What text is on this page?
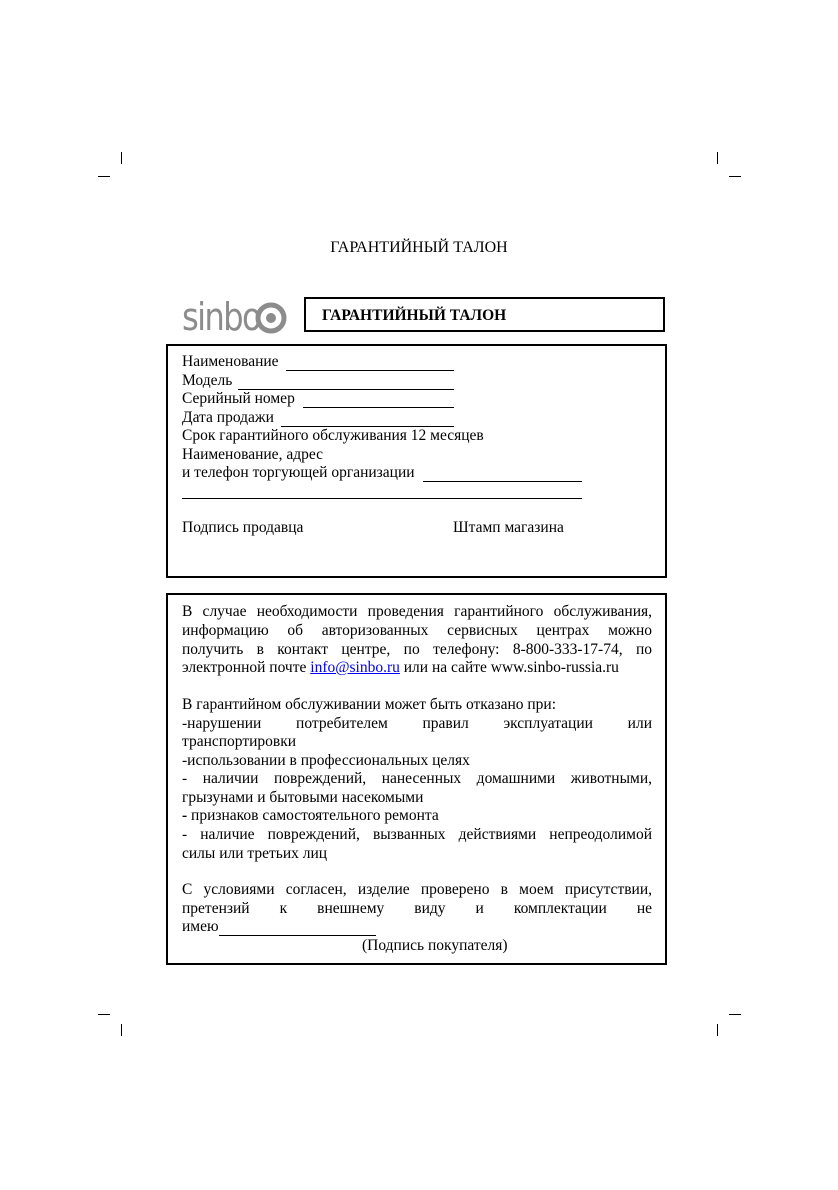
ГАРАНТИЙНЫЙ ТАЛОН
sinbo	ГАРАНТИЙНЫЙ ТАЛОН
Наименование
Модель
Серийный номер
Дата продажи
Срок гарантийного обслуживания 12 месяцев
Наименование, адрес
и телефон торгующей организации
Подпись продавца	Штамп магазина
В случае необходимости проведения гарантийного обслуживания,
информацию об авторизованных сервисных центрах можно
получить в контакт центре, по телефону: 8-800-333-17-74, по
электронной почте info@sinbo.ru или на сайте www.sinbo-russia.ru
В гарантийном обслуживании может быть отказано при:
-нарушении потребителем правил эксплуатации или
транспортировки
-использовании в профессиональных целях
- наличии повреждений, нанесенных домашними животными,
грызунами и бытовыми насекомыми
- признаков самостоятельного ремонта
- наличие повреждений, вызванных действиями непреодолимой
силы или третьих лиц
С условиями согласен, изделие проверено в моем присутствии,
претензий к внешнему виду и комплектации не
имею
(Подпись покупателя)
